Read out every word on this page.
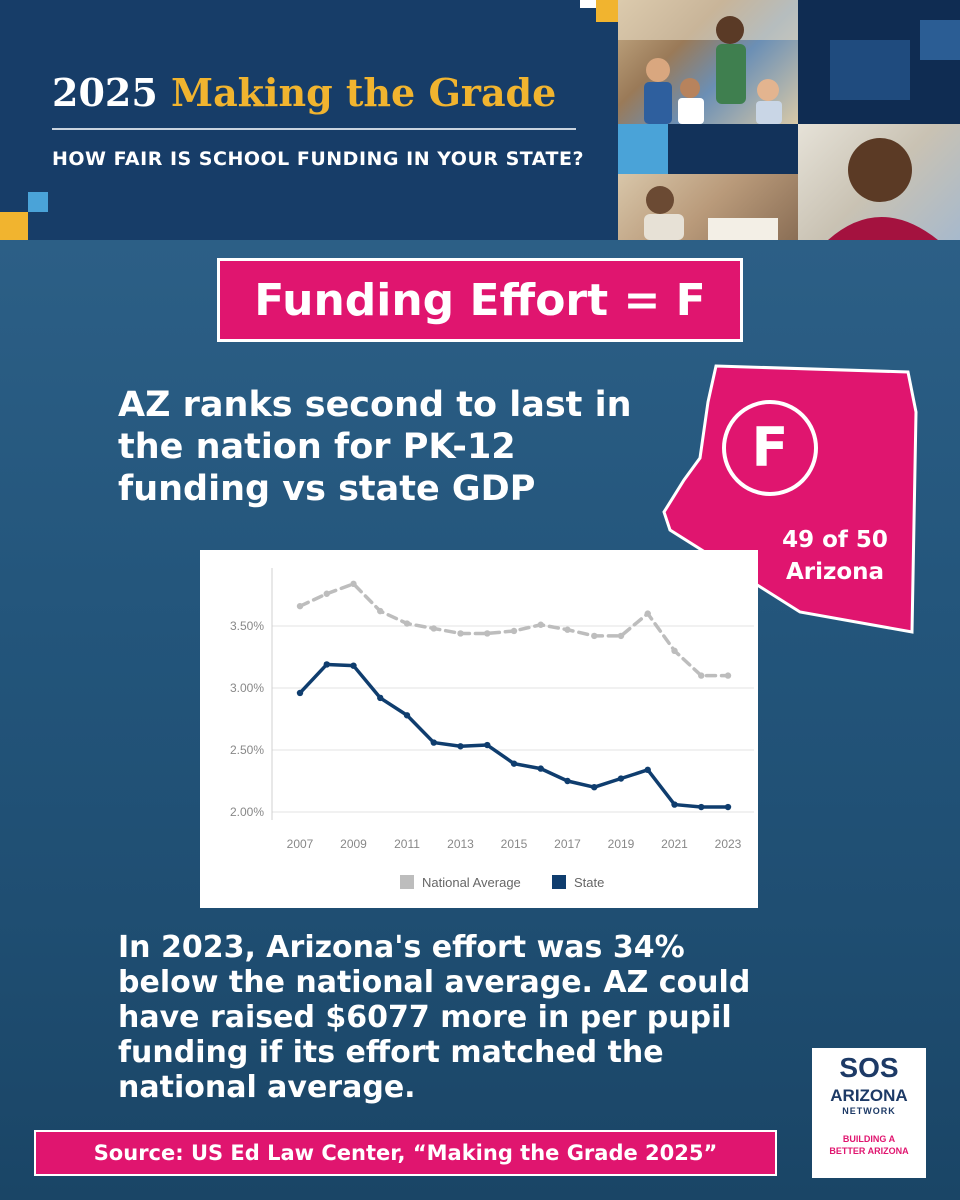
2025 Making the Grade
HOW FAIR IS SCHOOL FUNDING IN YOUR STATE?
Funding Effort = F
AZ ranks second to last in the nation for PK-12 funding vs state GDP
F
49 of 50
Arizona
2.00%
2.50%
3.00%
3.50%
2007 2009 2011 2013 2015 2017 2019 2021 2023
National Average	State
In 2023, Arizona's effort was 34% below the national average. AZ could have raised $6077 more in per pupil funding if its effort matched the national average.
Source: US Ed Law Center, “Making the Grade 2025”
SOS
ARIZONA
NETWORK
BUILDING A
BETTER ARIZONA
